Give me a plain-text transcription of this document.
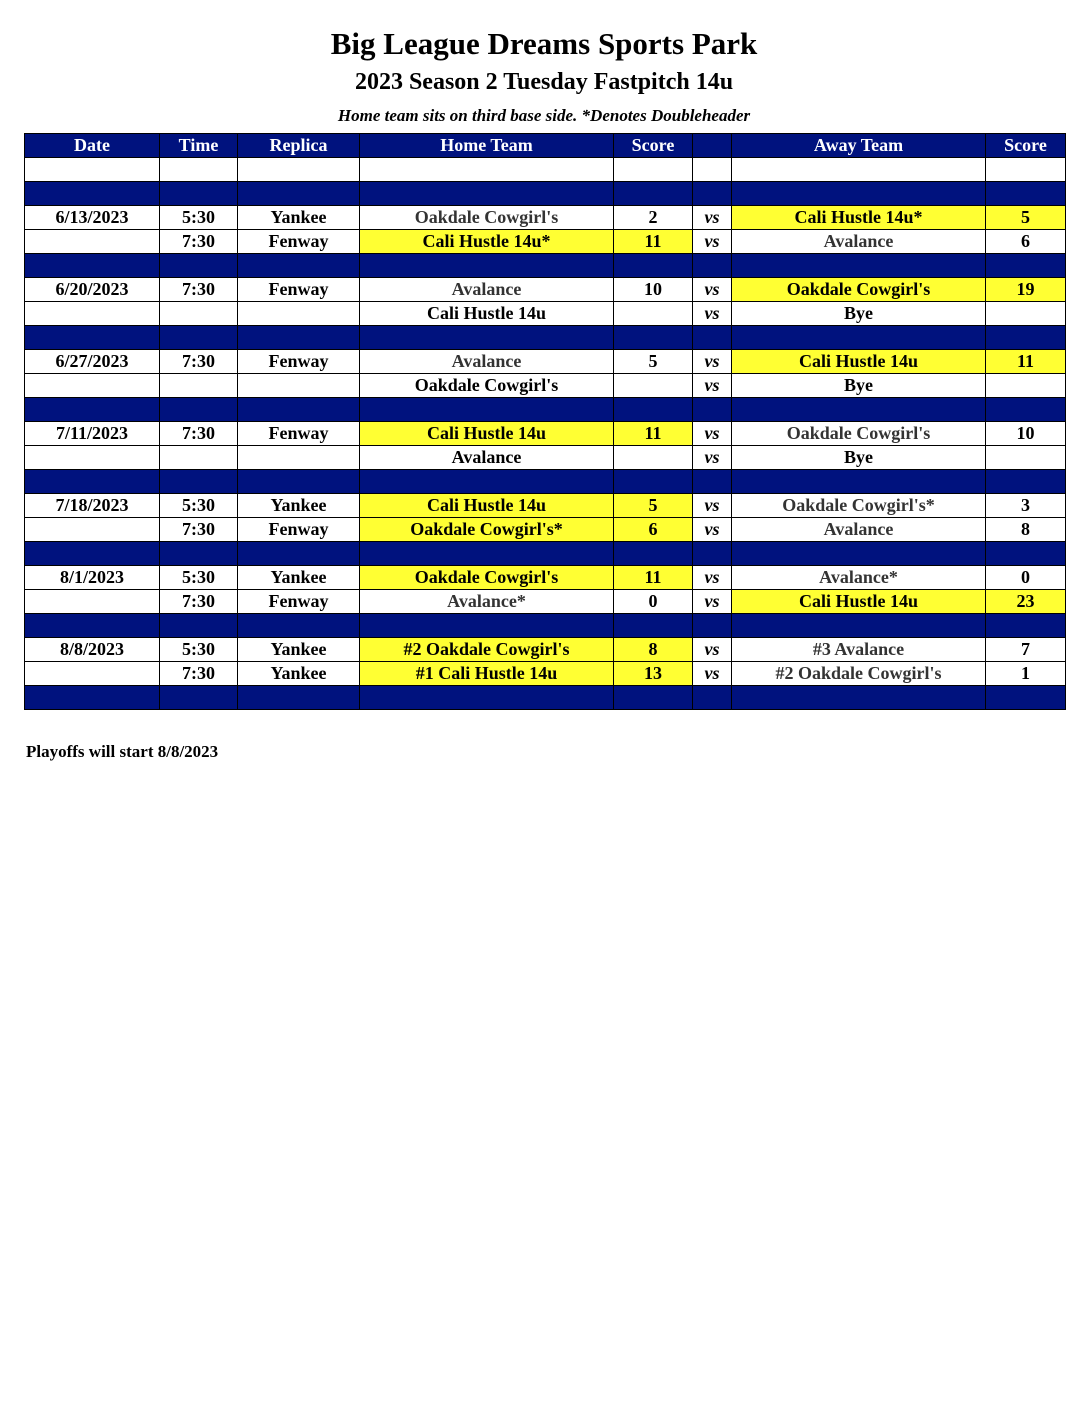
Big League Dreams Sports Park
2023 Season 2 Tuesday Fastpitch 14u
Home team sits on third base side. *Denotes Doubleheader
Date	Time	Replica	Home Team	Score		Away Team	Score

6/13/2023	5:30	Yankee	Oakdale Cowgirl's	2	vs	Cali Hustle 14u*	5
	7:30	Fenway	Cali Hustle 14u*	11	vs	Avalance	6

6/20/2023	7:30	Fenway	Avalance	10	vs	Oakdale Cowgirl's	19
			Cali Hustle 14u		vs	Bye	

6/27/2023	7:30	Fenway	Avalance	5	vs	Cali Hustle 14u	11
			Oakdale Cowgirl's		vs	Bye	

7/11/2023	7:30	Fenway	Cali Hustle 14u	11	vs	Oakdale Cowgirl's	10
			Avalance		vs	Bye	

7/18/2023	5:30	Yankee	Cali Hustle 14u	5	vs	Oakdale Cowgirl's*	3
	7:30	Fenway	Oakdale Cowgirl's*	6	vs	Avalance	8

8/1/2023	5:30	Yankee	Oakdale Cowgirl's	11	vs	Avalance*	0
	7:30	Fenway	Avalance*	0	vs	Cali Hustle 14u	23

8/8/2023	5:30	Yankee	#2 Oakdale Cowgirl's	8	vs	#3 Avalance	7
	7:30	Yankee	#1 Cali Hustle 14u	13	vs	#2 Oakdale Cowgirl's	1

Playoffs will start 8/8/2023
